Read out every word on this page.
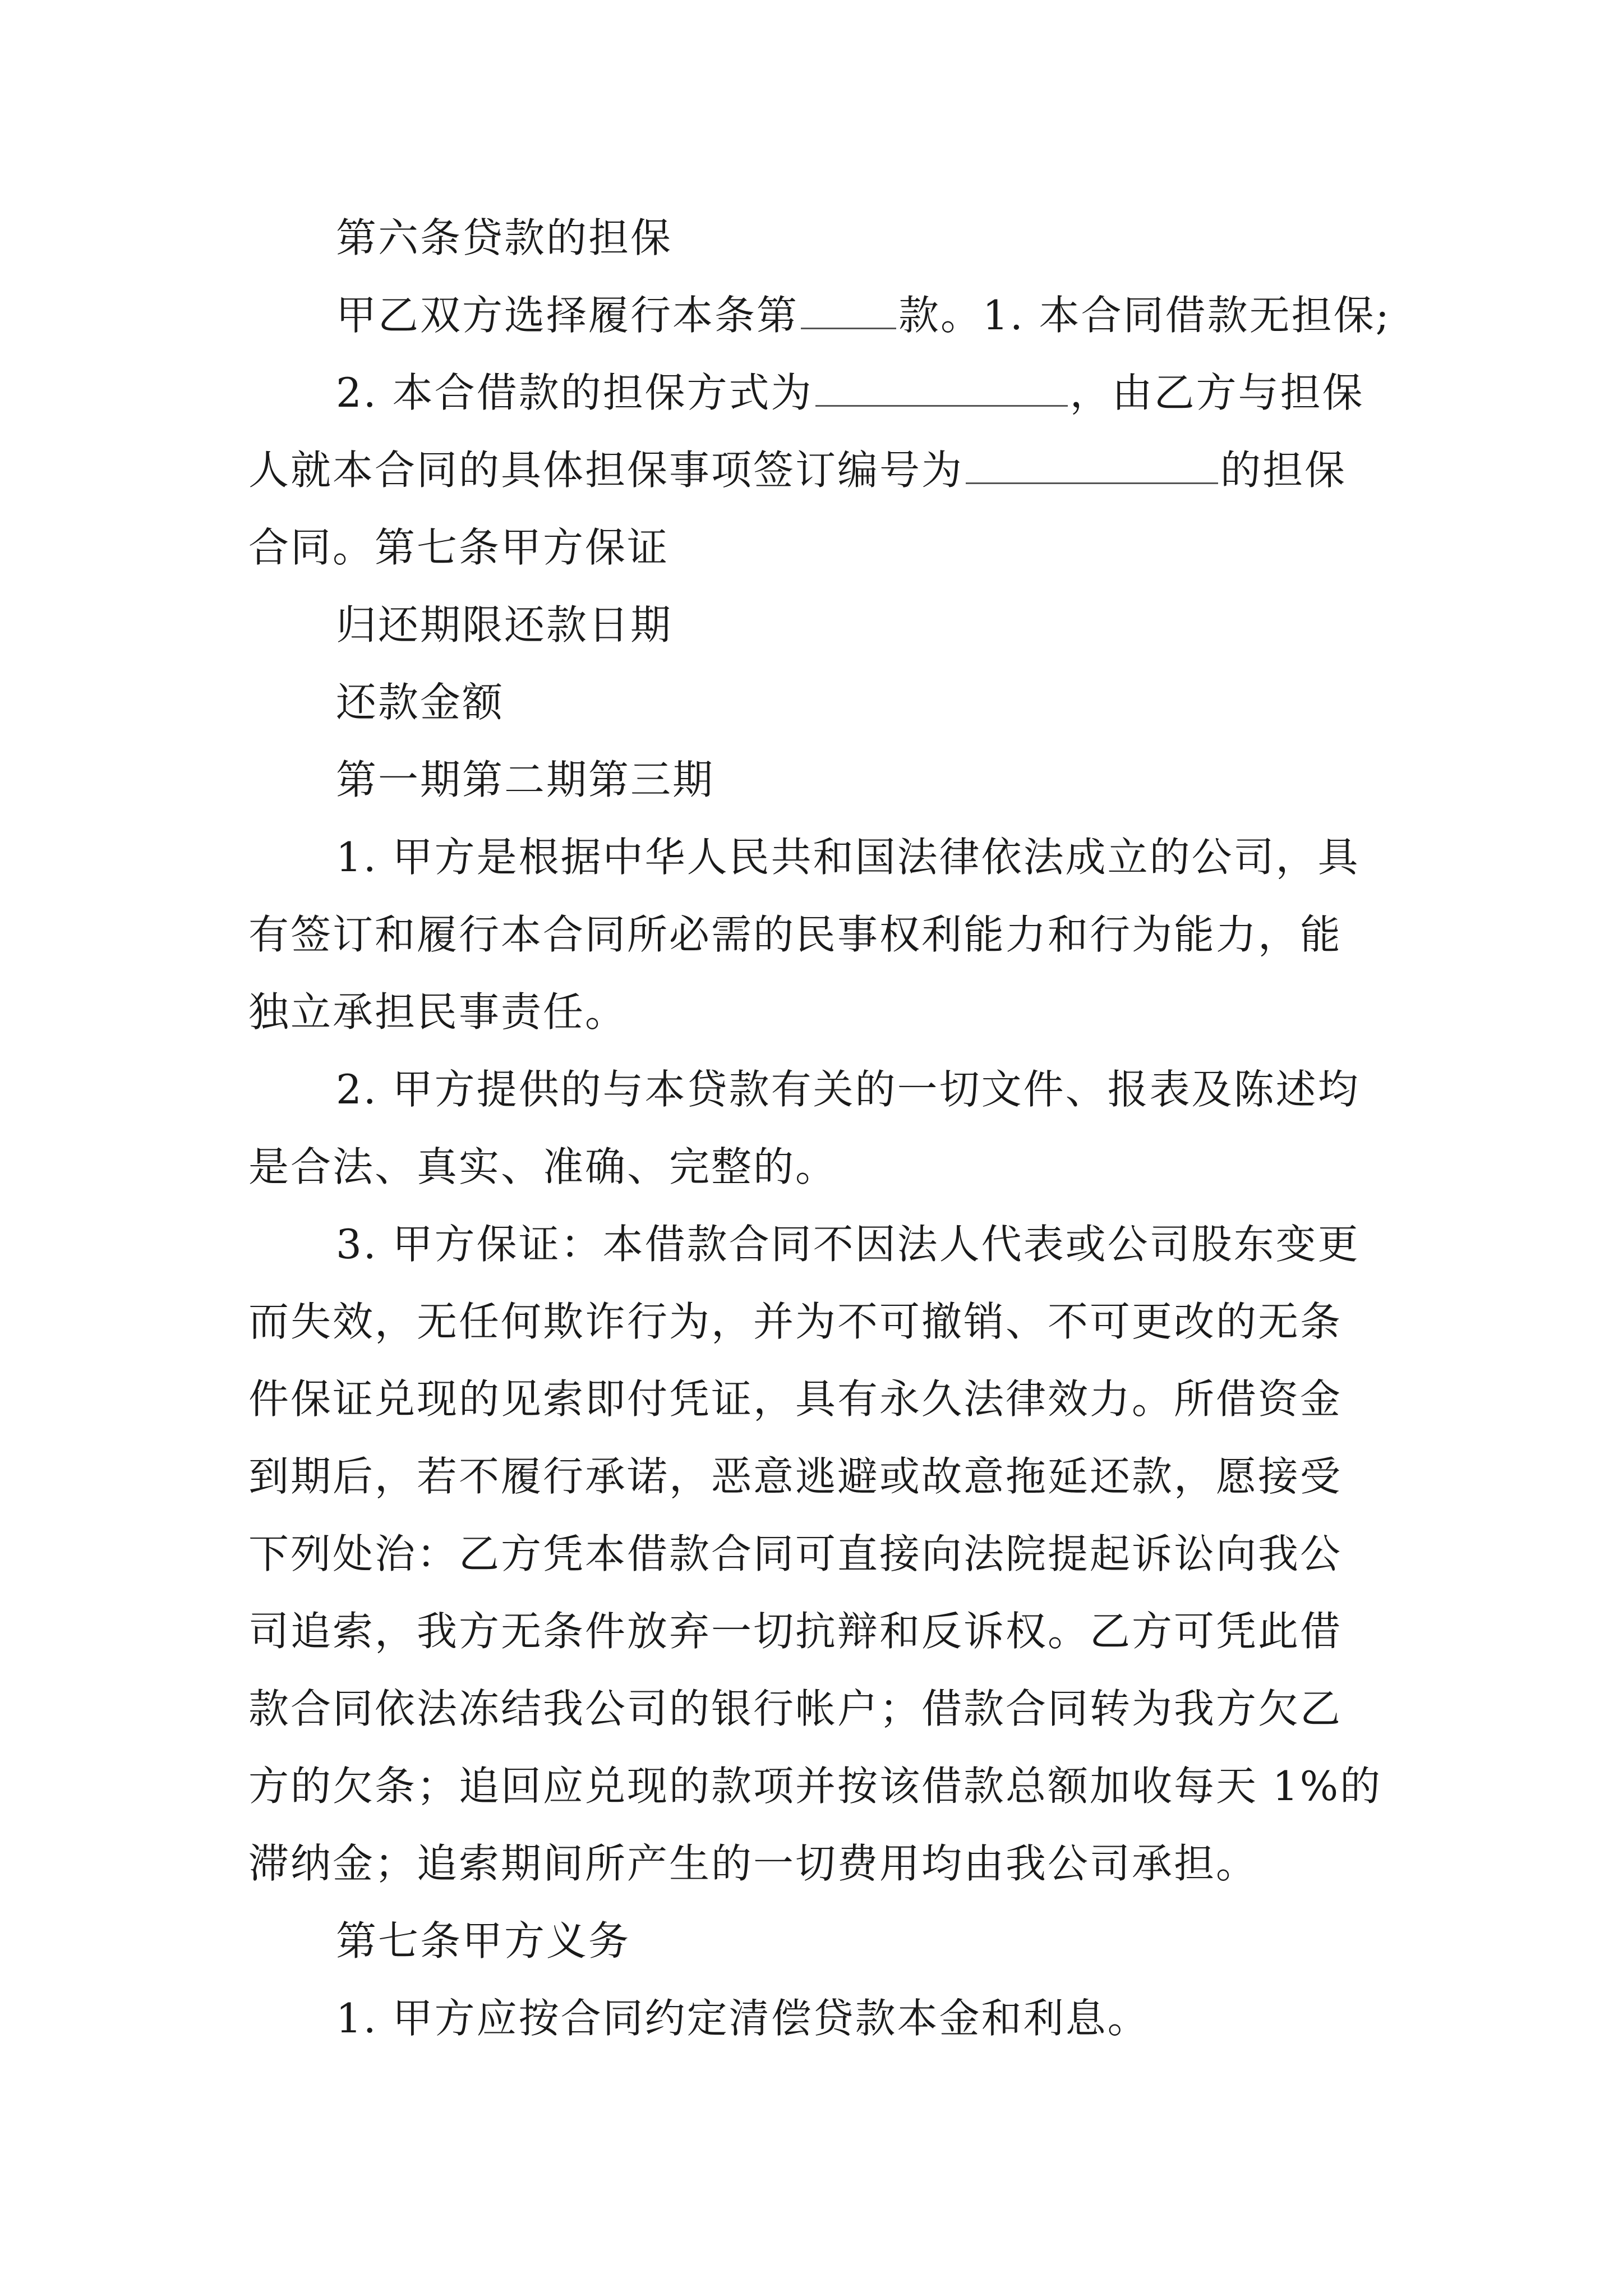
第六条贷款的担保
甲乙双方选择履行本条第 款。1. 本合同借款无担保;
2. 本合借款的担保方式为	，由乙方与担保
人就本合同的具体担保事项签订编号为	的担保
合同。第七条甲方保证
归还期限还款日期
还款金额
第一期第二期第三期
1. 甲方是根据中华人民共和国法律依法成立的公司，具
有签订和履行本合同所必需的民事权利能力和行为能力，能
独立承担民事责任。
2. 甲方提供的与本贷款有关的一切文件、报表及陈述均
是合法、真实、准确、完整的。
3. 甲方保证：本借款合同不因法人代表或公司股东变更
而失效，无任何欺诈行为，并为不可撤销、不可更改的无条
件保证兑现的见索即付凭证，具有永久法律效力。所借资金
到期后，若不履行承诺，恶意逃避或故意拖延还款，愿接受
下列处治：乙方凭本借款合同可直接向法院提起诉讼向我公
司追索，我方无条件放弃一切抗辩和反诉权。乙方可凭此借
款合同依法冻结我公司的银行帐户；借款合同转为我方欠乙
方的欠条；追回应兑现的款项并按该借款总额加收每天 1%的
滞纳金；追索期间所产生的一切费用均由我公司承担。
第七条甲方义务
1. 甲方应按合同约定清偿贷款本金和利息。
